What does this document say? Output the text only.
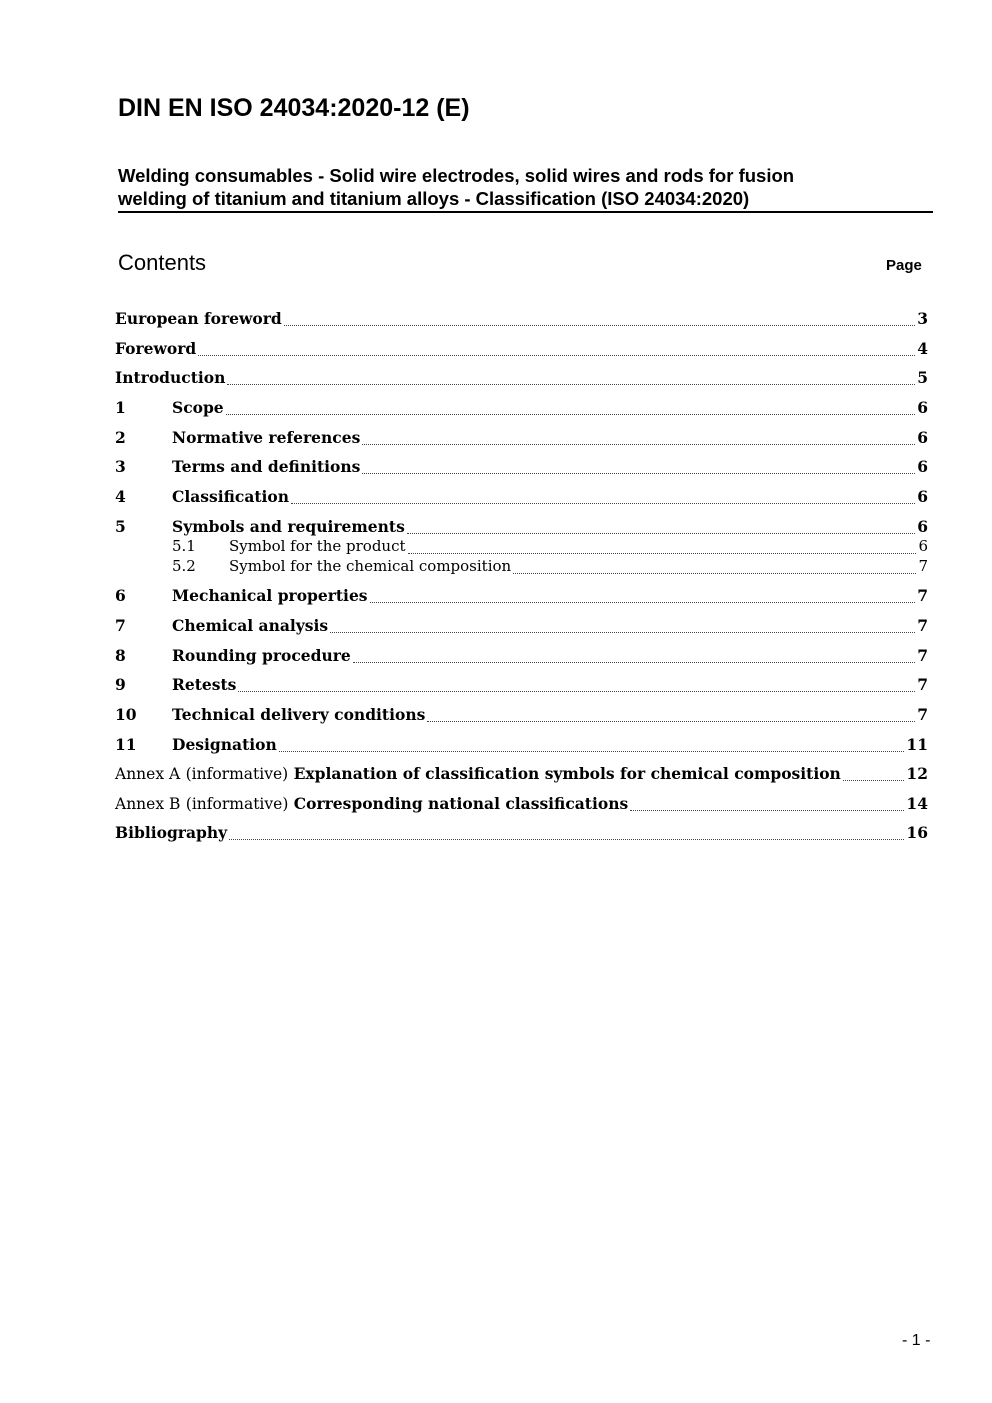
DIN EN ISO 24034:2020-12 (E)
Welding consumables - Solid wire electrodes, solid wires and rods for fusion
welding of titanium and titanium alloys - Classification (ISO 24034:2020)
Contents	Page
European foreword	3
Foreword	4
Introduction	5
1	Scope	6
2	Normative references	6
3	Terms and definitions	6
4	Classification	6
5	Symbols and requirements	6
5.1	Symbol for the product	6
5.2	Symbol for the chemical composition	7
6	Mechanical properties	7
7	Chemical analysis	7
8	Rounding procedure	7
9	Retests	7
10	Technical delivery conditions	7
11	Designation	11
Annex A (informative) Explanation of classification symbols for chemical composition	12
Annex B (informative) Corresponding national classifications	14
Bibliography	16
- 1 -
